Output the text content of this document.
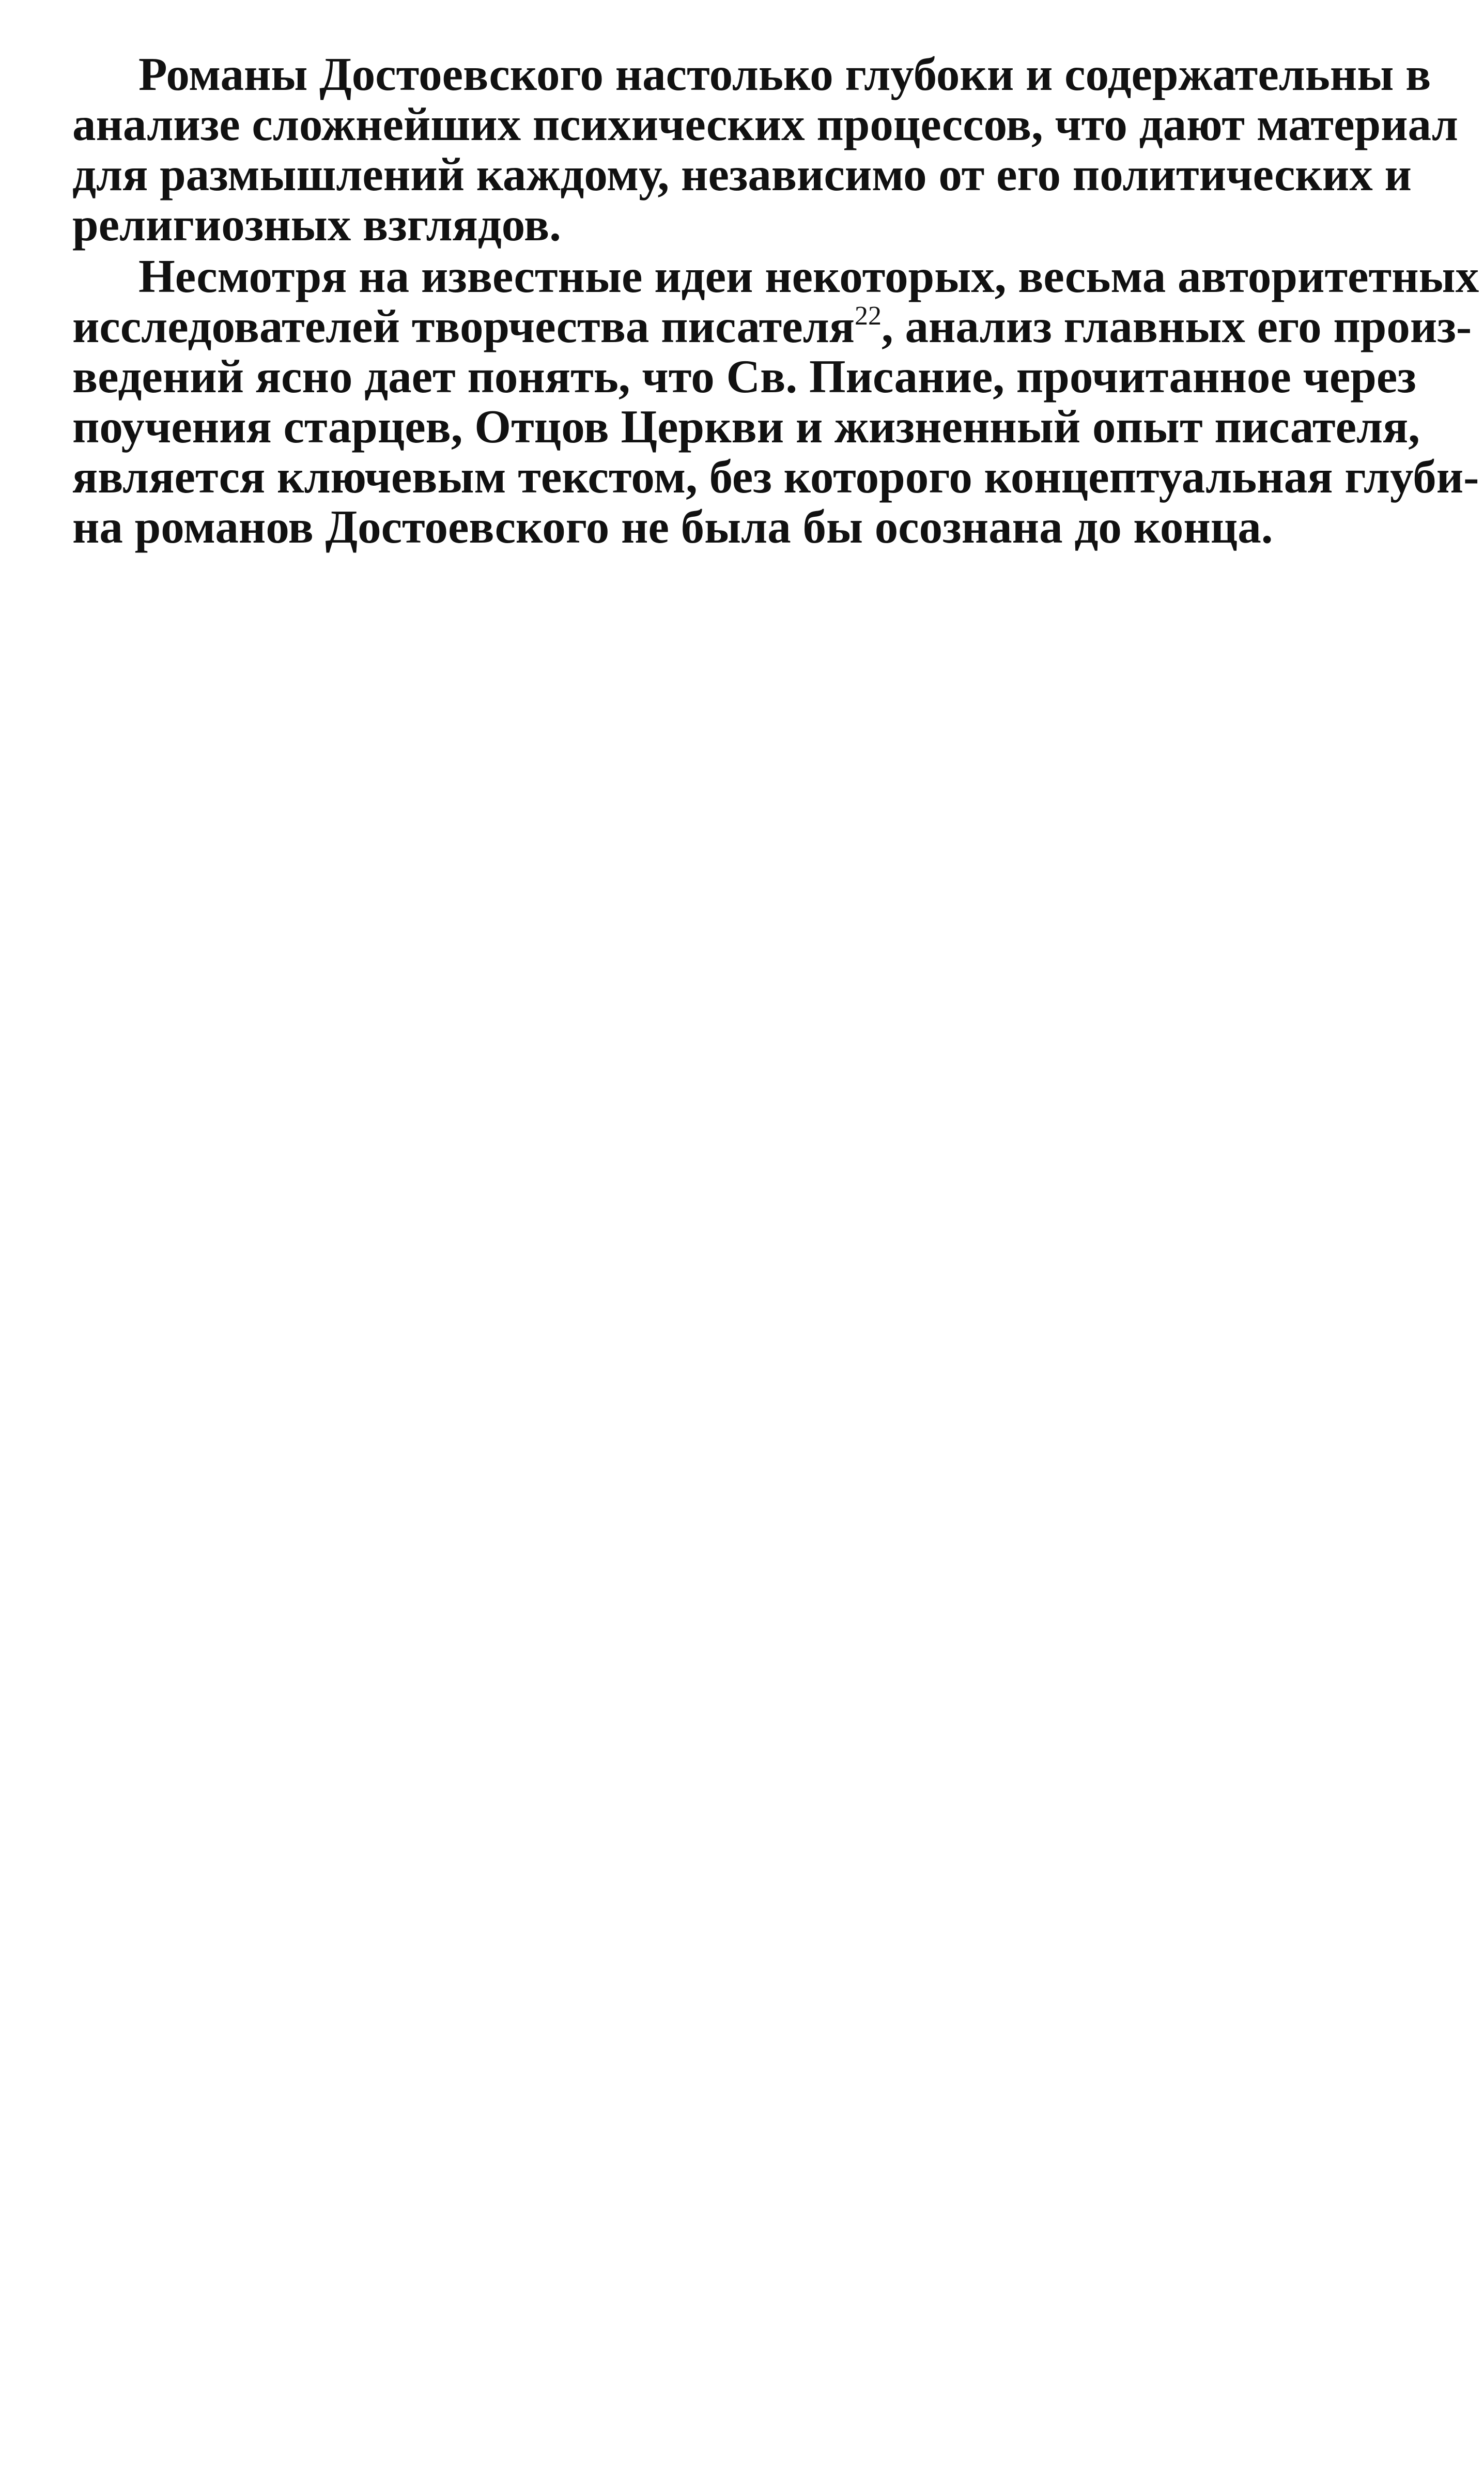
Романы Достоевского настолько глубоки и содержательны в
анализе сложнейших психических процессов, что дают материал
для размышлений каждому, независимо от его политических и
религиозных взглядов.
Несмотря на известные идеи некоторых, весьма авторитетных
исследователей творчества писателя$^{22}$, анализ главных его произ-
ведений ясно дает понять, что Св. Писание, прочитанное через
поучения старцев, Отцов Церкви и жизненный опыт писателя,
является ключевым текстом, без которого концептуальная глуби-
на романов Достоевского не была бы осознана до конца.
